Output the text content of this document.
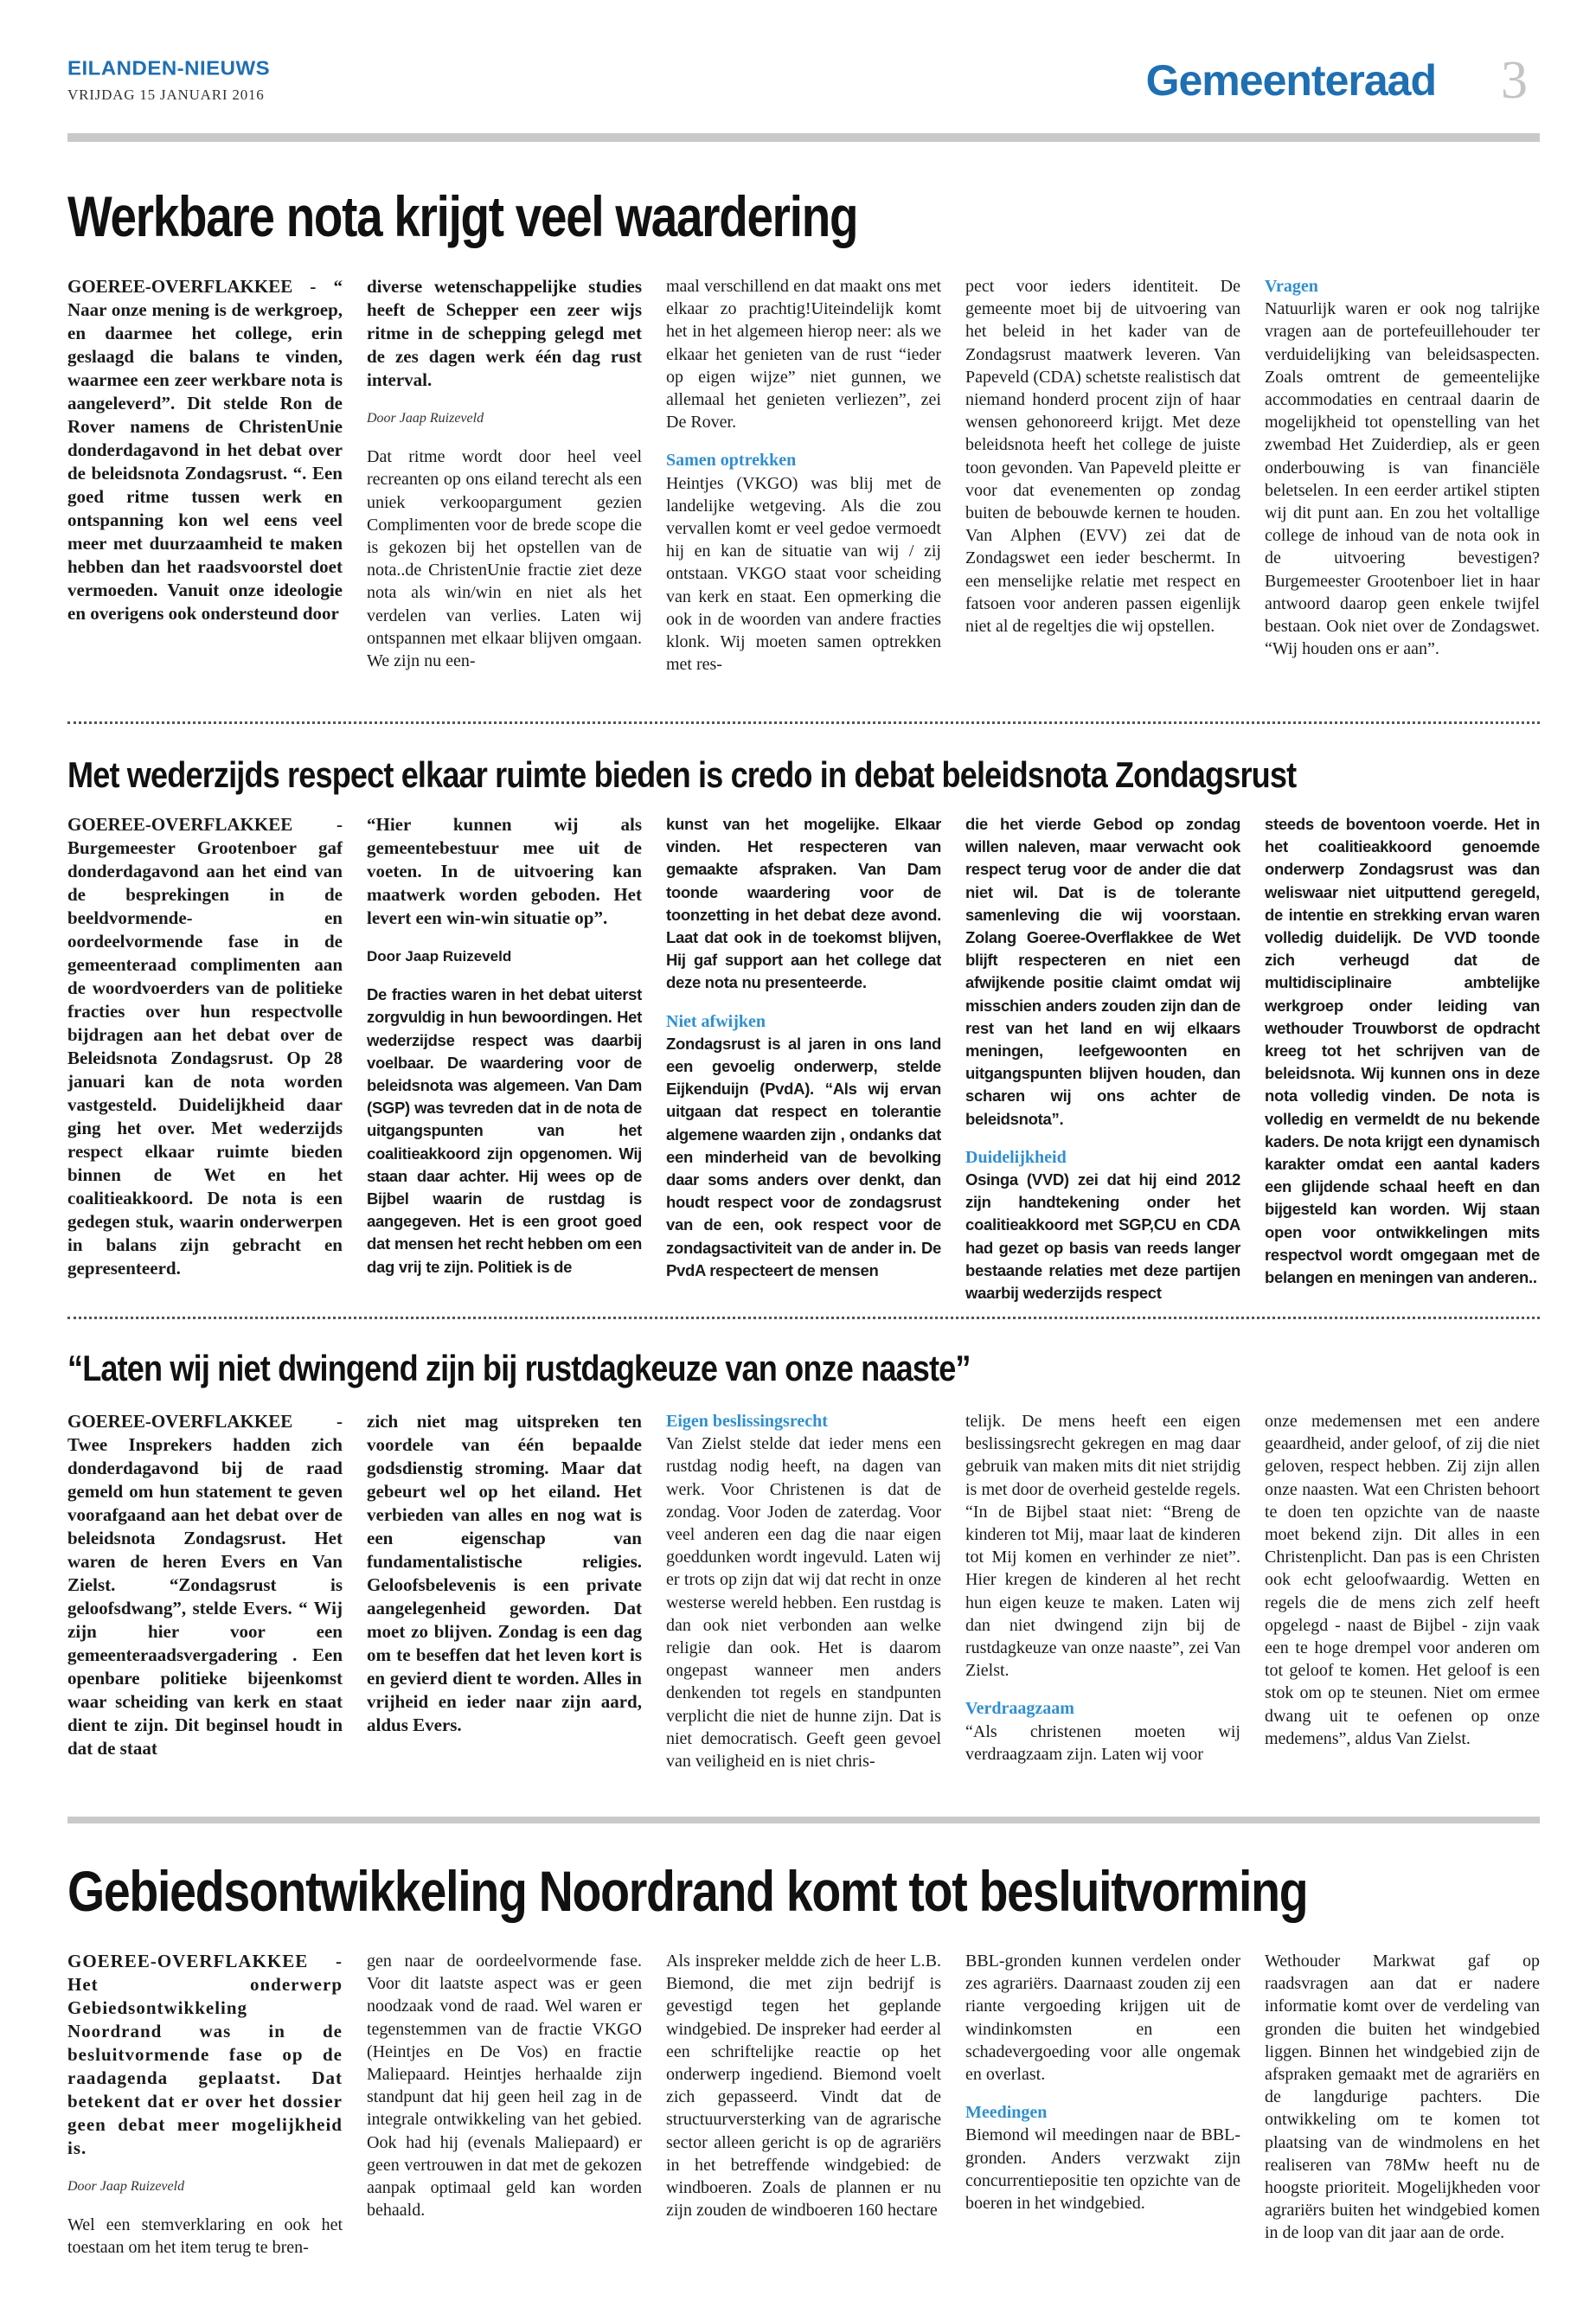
EILANDEN-NIEUWS
VRIJDAG 15 JANUARI 2016	Gemeenteraad 3
Werkbare nota krijgt veel waardering

GOEREE-OVERFLAKKEE - “ Naar onze mening is de werkgroep, en daarmee het college, erin geslaagd die balans te vinden, waarmee een zeer werkbare nota is aangeleverd”. Dit stelde Ron de Rover namens de ChristenUnie donderdagavond in het debat over de beleidsnota Zondagsrust. “. Een goed ritme tussen werk en ontspanning kon wel eens veel meer met duurzaamheid te maken hebben dan het raadsvoorstel doet vermoeden. Vanuit onze ideologie en overigens ook ondersteund door

diverse wetenschappelijke studies heeft de Schepper een zeer wijs ritme in de schepping gelegd met de zes dagen werk één dag rust interval.

Door Jaap Ruizeveld

Dat ritme wordt door heel veel recreanten op ons eiland terecht als een uniek verkoopargument gezien Complimenten voor de brede scope die is gekozen bij het opstellen van de nota..de ChristenUnie fractie ziet deze nota als win/win en niet als het verdelen van verlies. Laten wij ontspannen met elkaar blijven omgaan. We zijn nu een-

maal verschillend en dat maakt ons met elkaar zo prachtig!Uiteindelijk komt het in het algemeen hierop neer: als we elkaar het genieten van de rust “ieder op eigen wijze” niet gunnen, we allemaal het genieten verliezen”, zei De Rover.

Samen optrekken

Heintjes (VKGO) was blij met de landelijke wetgeving. Als die zou vervallen komt er veel gedoe vermoedt hij en kan de situatie van wij / zij ontstaan. VKGO staat voor scheiding van kerk en staat. Een opmerking die ook in de woorden van andere fracties klonk. Wij moeten samen optrekken met res-

pect voor ieders identiteit. De gemeente moet bij de uitvoering van het beleid in het kader van de Zondagsrust maatwerk leveren. Van Papeveld (CDA) schetste realistisch dat niemand honderd procent zijn of haar wensen gehonoreerd krijgt. Met deze beleidsnota heeft het college de juiste toon gevonden. Van Papeveld pleitte er voor dat evenementen op zondag buiten de bebouwde kernen te houden. Van Alphen (EVV) zei dat de Zondagswet een ieder beschermt. In een menselijke relatie met respect en fatsoen voor anderen passen eigenlijk niet al de regeltjes die wij opstellen.

Vragen

Natuurlijk waren er ook nog talrijke vragen aan de portefeuillehouder ter verduidelijking van beleidsaspecten. Zoals omtrent de gemeentelijke accommodaties en centraal daarin de mogelijkheid tot openstelling van het zwembad Het Zuiderdiep, als er geen onderbouwing is van financiële beletselen. In een eerder artikel stipten wij dit punt aan. En zou het voltallige college de inhoud van de nota ook in de uitvoering bevestigen? Burgemeester Grootenboer liet in haar antwoord daarop geen enkele twijfel bestaan. Ook niet over de Zondagswet. “Wij houden ons er aan”.

Met wederzijds respect elkaar ruimte bieden is credo in debat beleidsnota Zondagsrust

GOEREE-OVERFLAKKEE - Burgemeester Grootenboer gaf donderdagavond aan het eind van de besprekingen in de beeldvormende- en oordeelvormende fase in de gemeenteraad complimenten aan de woordvoerders van de politieke fracties over hun respectvolle bijdragen aan het debat over de Beleidsnota Zondagsrust. Op 28 januari kan de nota worden vastgesteld. Duidelijkheid daar ging het over. Met wederzijds respect elkaar ruimte bieden binnen de Wet en het coalitieakkoord. De nota is een gedegen stuk, waarin onderwerpen in balans zijn gebracht en gepresenteerd.

“Hier kunnen wij als gemeentebestuur mee uit de voeten. In de uitvoering kan maatwerk worden geboden. Het levert een win-win situatie op”.

Door Jaap Ruizeveld

De fracties waren in het debat uiterst zorgvuldig in hun bewoordingen. Het wederzijdse respect was daarbij voelbaar. De waardering voor de beleidsnota was algemeen. Van Dam (SGP) was tevreden dat in de nota de uitgangspunten van het coalitieakkoord zijn opgenomen. Wij staan daar achter. Hij wees op de Bijbel waarin de rustdag is aangegeven. Het is een groot goed dat mensen het recht hebben om een dag vrij te zijn. Politiek is de

kunst van het mogelijke. Elkaar vinden. Het respecteren van gemaakte afspraken. Van Dam toonde waardering voor de toonzetting in het debat deze avond. Laat dat ook in de toekomst blijven, Hij gaf support aan het college dat deze nota nu presenteerde.

Niet afwijken

Zondagsrust is al jaren in ons land een gevoelig onderwerp, stelde Eijkenduijn (PvdA). “Als wij ervan uitgaan dat respect en tolerantie algemene waarden zijn , ondanks dat een minderheid van de bevolking daar soms anders over denkt, dan houdt respect voor de zondagsrust van de een, ook respect voor de zondagsactiviteit van de ander in. De PvdA respecteert de mensen

die het vierde Gebod op zondag willen naleven, maar verwacht ook respect terug voor de ander die dat niet wil. Dat is de tolerante samenleving die wij voorstaan. Zolang Goeree-Overflakkee de Wet blijft respecteren en niet een afwijkende positie claimt omdat wij misschien anders zouden zijn dan de rest van het land en wij elkaars meningen, leefgewoonten en uitgangspunten blijven houden, dan scharen wij ons achter de beleidsnota”.

Duidelijkheid

Osinga (VVD) zei dat hij eind 2012 zijn handtekening onder het coalitieakkoord met SGP,CU en CDA had gezet op basis van reeds langer bestaande relaties met deze partijen waarbij wederzijds respect

steeds de boventoon voerde. Het in het coalitieakkoord genoemde onderwerp Zondagsrust was dan weliswaar niet uitputtend geregeld, de intentie en strekking ervan waren volledig duidelijk. De VVD toonde zich verheugd dat de multidisciplinaire ambtelijke werkgroep onder leiding van wethouder Trouwborst de opdracht kreeg tot het schrijven van de beleidsnota. Wij kunnen ons in deze nota volledig vinden. De nota is volledig en vermeldt de nu bekende kaders. De nota krijgt een dynamisch karakter omdat een aantal kaders een glijdende schaal heeft en dan bijgesteld kan worden. Wij staan open voor ontwikkelingen mits respectvol wordt omgegaan met de belangen en meningen van anderen..

“Laten wij niet dwingend zijn bij rustdagkeuze van onze naaste”

GOEREE-OVERFLAKKEE - Twee Insprekers hadden zich donderdagavond bij de raad gemeld om hun statement te geven voorafgaand aan het debat over de beleidsnota Zondagsrust. Het waren de heren Evers en Van Zielst. “Zondagsrust is geloofsdwang”, stelde Evers. “ Wij zijn hier voor een gemeenteraadsvergadering . Een openbare politieke bijeenkomst waar scheiding van kerk en staat dient te zijn. Dit beginsel houdt in dat de staat

zich niet mag uitspreken ten voordele van één bepaalde godsdienstig stroming. Maar dat gebeurt wel op het eiland. Het verbieden van alles en nog wat is een eigenschap van fundamentalistische religies. Geloofsbelevenis is een private aangelegenheid geworden. Dat moet zo blijven. Zondag is een dag om te beseffen dat het leven kort is en gevierd dient te worden. Alles in vrijheid en ieder naar zijn aard, aldus Evers.

Eigen beslissingsrecht

Van Zielst stelde dat ieder mens een rustdag nodig heeft, na dagen van werk. Voor Christenen is dat de zondag. Voor Joden de zaterdag. Voor veel anderen een dag die naar eigen goeddunken wordt ingevuld. Laten wij er trots op zijn dat wij dat recht in onze westerse wereld hebben. Een rustdag is dan ook niet verbonden aan welke religie dan ook. Het is daarom ongepast wanneer men anders denkenden tot regels en standpunten verplicht die niet de hunne zijn. Dat is niet democratisch. Geeft geen gevoel van veiligheid en is niet chris-

telijk. De mens heeft een eigen beslissingsrecht gekregen en mag daar gebruik van maken mits dit niet strijdig is met door de overheid gestelde regels. “In de Bijbel staat niet: “Breng de kinderen tot Mij, maar laat de kinderen tot Mij komen en verhinder ze niet”. Hier kregen de kinderen al het recht hun eigen keuze te maken. Laten wij dan niet dwingend zijn bij de rustdagkeuze van onze naaste”, zei Van Zielst.

Verdraagzaam

“Als christenen moeten wij verdraagzaam zijn. Laten wij voor

onze medemensen met een andere geaardheid, ander geloof, of zij die niet geloven, respect hebben. Zij zijn allen onze naasten. Wat een Christen behoort te doen ten opzichte van de naaste moet bekend zijn. Dit alles in een Christenplicht. Dan pas is een Christen ook echt geloofwaardig. Wetten en regels die de mens zich zelf heeft opgelegd - naast de Bijbel - zijn vaak een te hoge drempel voor anderen om tot geloof te komen. Het geloof is een stok om op te steunen. Niet om ermee dwang uit te oefenen op onze medemens”, aldus Van Zielst.

Gebiedsontwikkeling Noordrand komt tot besluitvorming

GOEREE-OVERFLAKKEE - Het onderwerp Gebiedsontwikkeling Noordrand was in de besluitvormende fase op de raadagenda geplaatst. Dat betekent dat er over het dossier geen debat meer mogelijkheid is.

Door Jaap Ruizeveld

Wel een stemverklaring en ook het toestaan om het item terug te bren-

gen naar de oordeelvormende fase. Voor dit laatste aspect was er geen noodzaak vond de raad. Wel waren er tegenstemmen van de fractie VKGO (Heintjes en De Vos) en fractie Maliepaard. Heintjes herhaalde zijn standpunt dat hij geen heil zag in de integrale ontwikkeling van het gebied. Ook had hij (evenals Maliepaard) er geen vertrouwen in dat met de gekozen aanpak optimaal geld kan worden behaald.

Als inspreker meldde zich de heer L.B. Biemond, die met zijn bedrijf is gevestigd tegen het geplande windgebied. De inspreker had eerder al een schriftelijke reactie op het onderwerp ingediend. Biemond voelt zich gepasseerd. Vindt dat de structuurversterking van de agrarische sector alleen gericht is op de agrariërs in het betreffende windgebied: de windboeren. Zoals de plannen er nu zijn zouden de windboeren 160 hectare

BBL-gronden kunnen verdelen onder zes agrariërs. Daarnaast zouden zij een riante vergoeding krijgen uit de windinkomsten en een schadevergoeding voor alle ongemak en overlast.

Meedingen

Biemond wil meedingen naar de BBL-gronden. Anders verzwakt zijn concurrentiepositie ten opzichte van de boeren in het windgebied.

Wethouder Markwat gaf op raadsvragen aan dat er nadere informatie komt over de verdeling van gronden die buiten het windgebied liggen. Binnen het windgebied zijn de afspraken gemaakt met de agrariërs en de langdurige pachters. Die ontwikkeling om te komen tot plaatsing van de windmolens en het realiseren van 78Mw heeft nu de hoogste prioriteit. Mogelijkheden voor agrariërs buiten het windgebied komen in de loop van dit jaar aan de orde.
